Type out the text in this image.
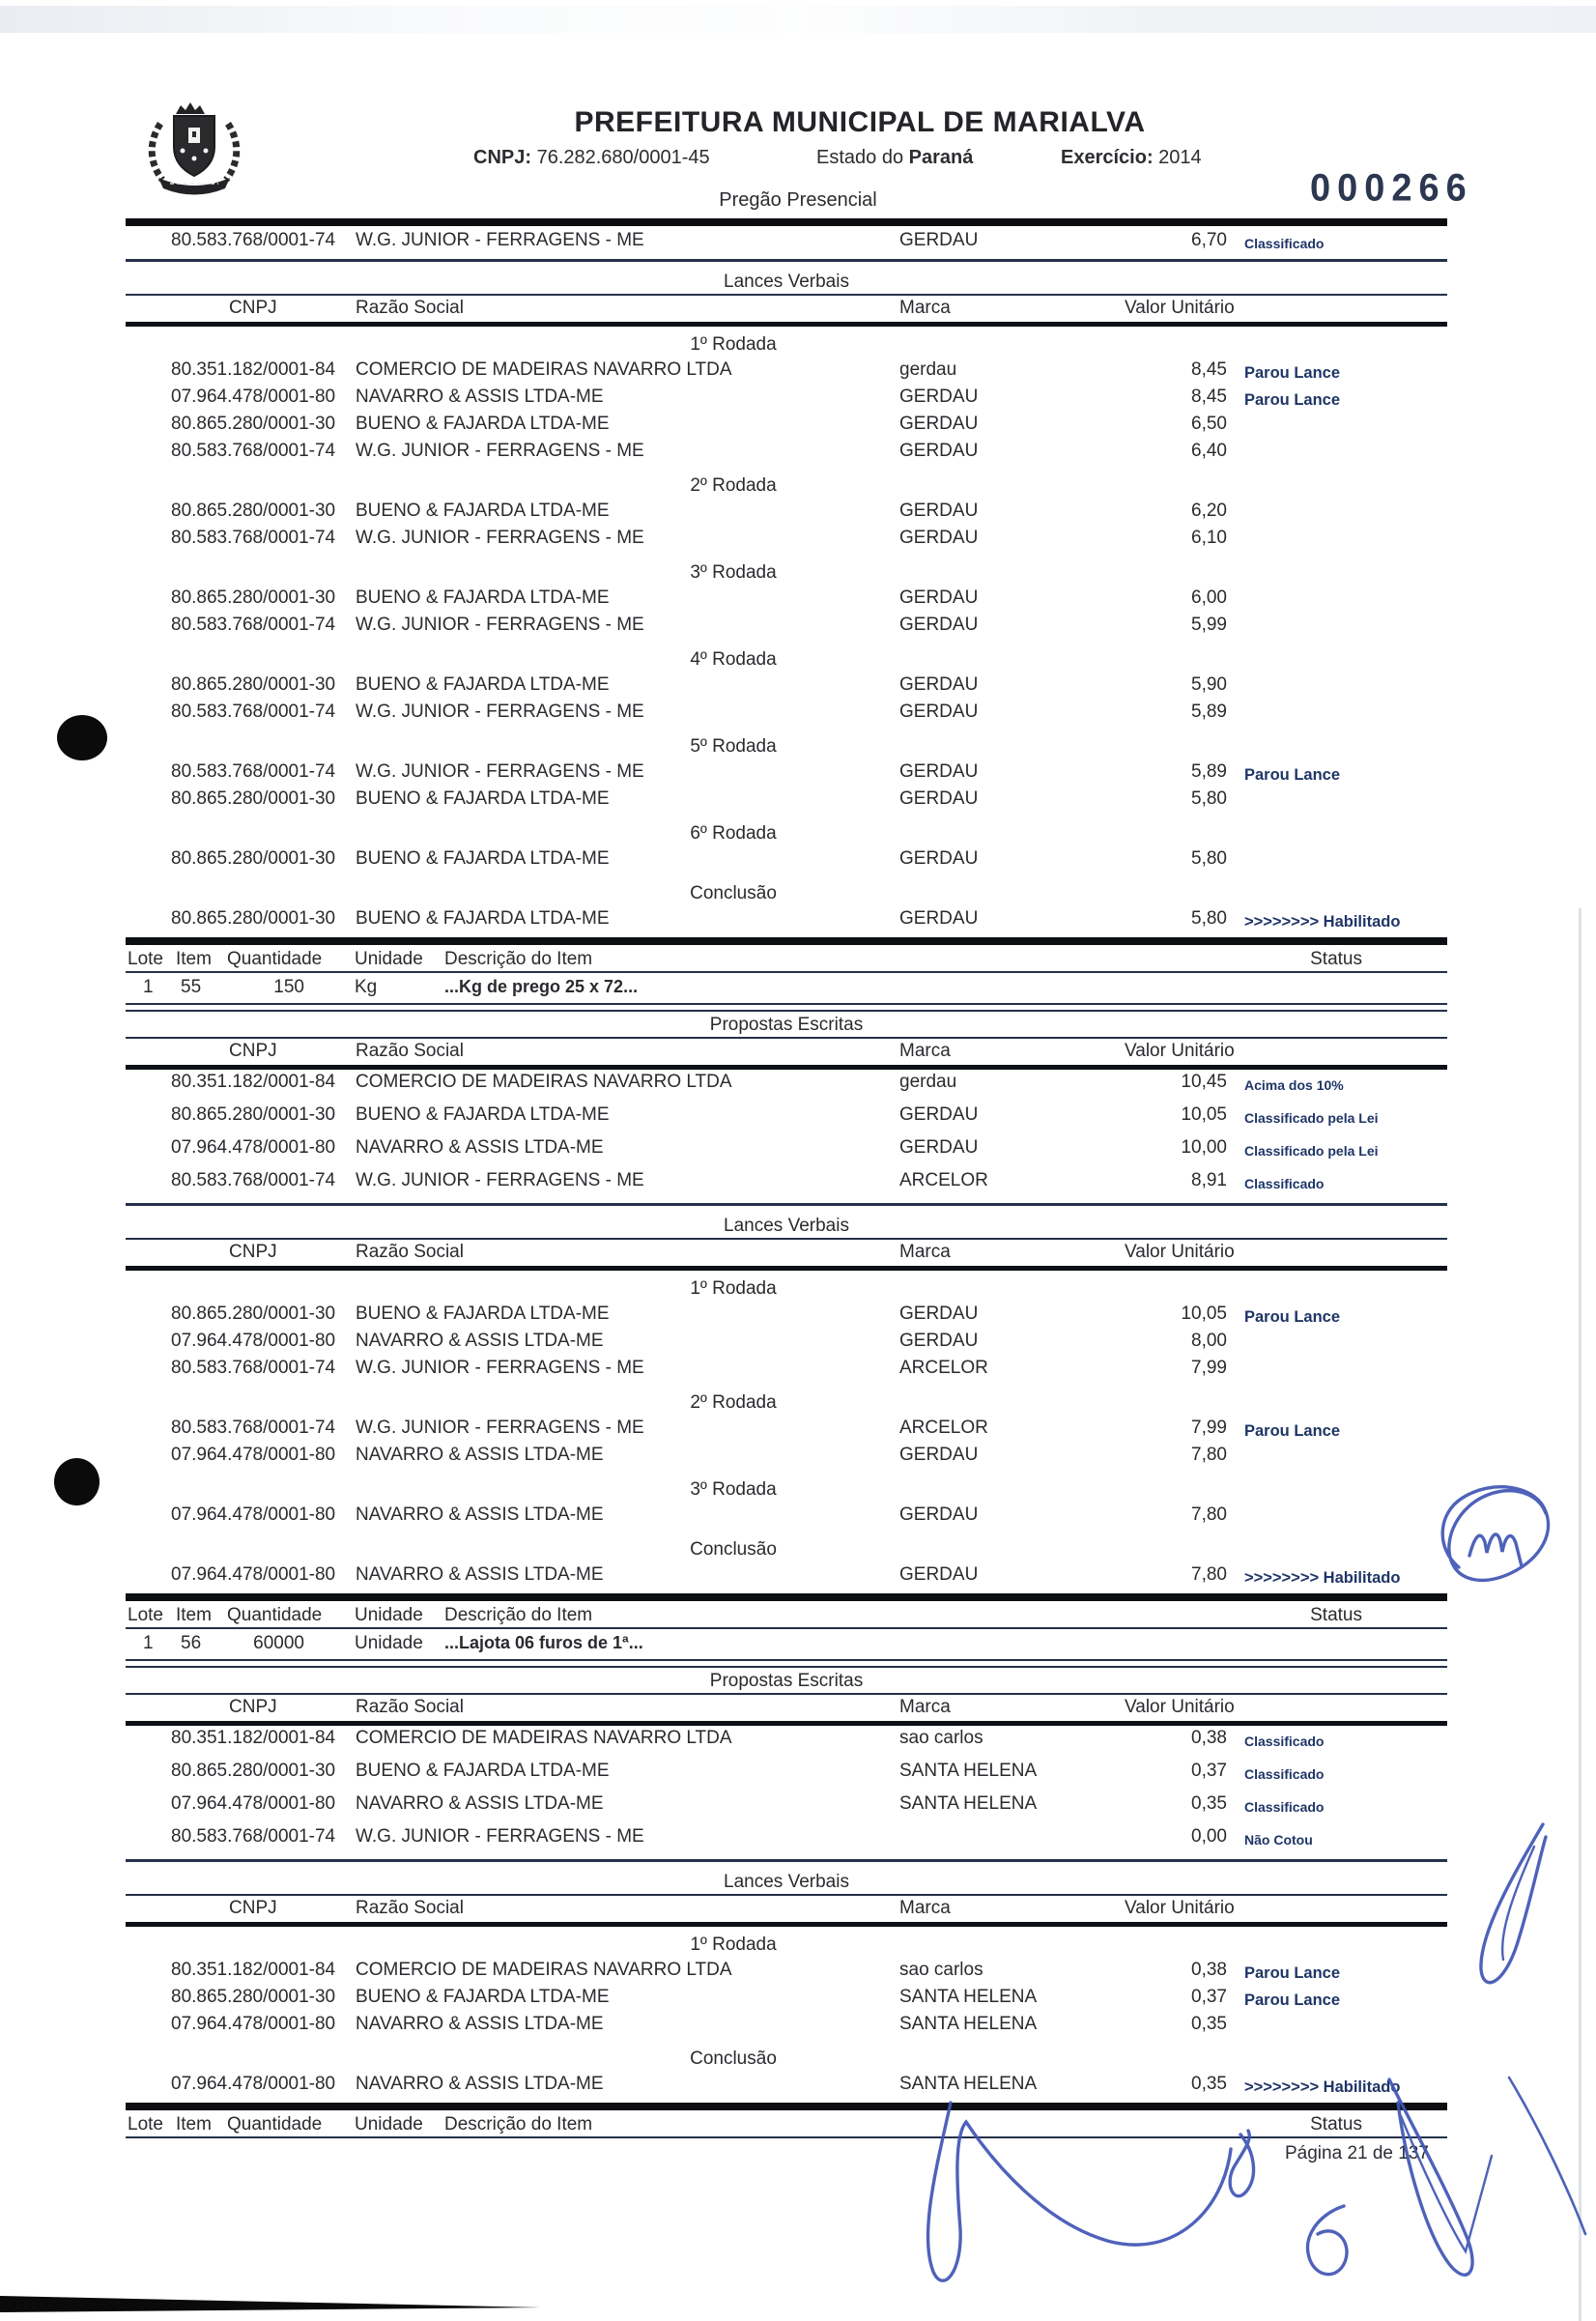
PREFEITURA MUNICIPAL DE MARIALVA
CNPJ: 76.282.680/0001-45	Estado do Paraná	Exercício: 2014
Pregão Presencial	000266
80.583.768/0001-74 W.G. JUNIOR - FERRAGENS - ME	GERDAU	6,70 Classificado
Lances Verbais
CNPJ	Razão Social	Marca	Valor Unitário
1º Rodada
80.351.182/0001-84 COMERCIO DE MADEIRAS NAVARRO LTDA	gerdau	8,45 Parou Lance
07.964.478/0001-80 NAVARRO & ASSIS LTDA-ME	GERDAU	8,45 Parou Lance
80.865.280/0001-30 BUENO & FAJARDA LTDA-ME	GERDAU	6,50
80.583.768/0001-74 W.G. JUNIOR - FERRAGENS - ME	GERDAU	6,40
2º Rodada
80.865.280/0001-30 BUENO & FAJARDA LTDA-ME	GERDAU	6,20
80.583.768/0001-74 W.G. JUNIOR - FERRAGENS - ME	GERDAU	6,10
3º Rodada
80.865.280/0001-30 BUENO & FAJARDA LTDA-ME	GERDAU	6,00
80.583.768/0001-74 W.G. JUNIOR - FERRAGENS - ME	GERDAU	5,99
4º Rodada
80.865.280/0001-30 BUENO & FAJARDA LTDA-ME	GERDAU	5,90
80.583.768/0001-74 W.G. JUNIOR - FERRAGENS - ME	GERDAU	5,89
5º Rodada
80.583.768/0001-74 W.G. JUNIOR - FERRAGENS - ME	GERDAU	5,89 Parou Lance
80.865.280/0001-30 BUENO & FAJARDA LTDA-ME	GERDAU	5,80
6º Rodada
80.865.280/0001-30 BUENO & FAJARDA LTDA-ME	GERDAU	5,80
Conclusão
80.865.280/0001-30 BUENO & FAJARDA LTDA-ME	GERDAU	5,80 >>>>>>>> Habilitado
Lote Item Quantidade Unidade Descrição do Item	Status
1 55	150	Kg	...Kg de prego 25 x 72...
Propostas Escritas
CNPJ	Razão Social	Marca	Valor Unitário
80.351.182/0001-84 COMERCIO DE MADEIRAS NAVARRO LTDA	gerdau	10,45 Acima dos 10%
80.865.280/0001-30 BUENO & FAJARDA LTDA-ME	GERDAU	10,05 Classificado pela Lei
07.964.478/0001-80 NAVARRO & ASSIS LTDA-ME	GERDAU	10,00 Classificado pela Lei
80.583.768/0001-74 W.G. JUNIOR - FERRAGENS - ME	ARCELOR	8,91 Classificado
Lances Verbais
CNPJ	Razão Social	Marca	Valor Unitário
1º Rodada
80.865.280/0001-30 BUENO & FAJARDA LTDA-ME	GERDAU	10,05 Parou Lance
07.964.478/0001-80 NAVARRO & ASSIS LTDA-ME	GERDAU	8,00
80.583.768/0001-74 W.G. JUNIOR - FERRAGENS - ME	ARCELOR	7,99
2º Rodada
80.583.768/0001-74 W.G. JUNIOR - FERRAGENS - ME	ARCELOR	7,99 Parou Lance
07.964.478/0001-80 NAVARRO & ASSIS LTDA-ME	GERDAU	7,80
3º Rodada
07.964.478/0001-80 NAVARRO & ASSIS LTDA-ME	GERDAU	7,80
Conclusão
07.964.478/0001-80 NAVARRO & ASSIS LTDA-ME	GERDAU	7,80 >>>>>>>> Habilitado
Lote Item Quantidade Unidade Descrição do Item	Status
1 56	60000	Unidade ...Lajota 06 furos de 1ª...
Propostas Escritas
CNPJ	Razão Social	Marca	Valor Unitário
80.351.182/0001-84 COMERCIO DE MADEIRAS NAVARRO LTDA	sao carlos	0,38 Classificado
80.865.280/0001-30 BUENO & FAJARDA LTDA-ME	SANTA HELENA	0,37 Classificado
07.964.478/0001-80 NAVARRO & ASSIS LTDA-ME	SANTA HELENA	0,35 Classificado
80.583.768/0001-74 W.G. JUNIOR - FERRAGENS - ME	0,00 Não Cotou
Lances Verbais
CNPJ	Razão Social	Marca	Valor Unitário
1º Rodada
80.351.182/0001-84 COMERCIO DE MADEIRAS NAVARRO LTDA	sao carlos	0,38 Parou Lance
80.865.280/0001-30 BUENO & FAJARDA LTDA-ME	SANTA HELENA	0,37 Parou Lance
07.964.478/0001-80 NAVARRO & ASSIS LTDA-ME	SANTA HELENA	0,35
Conclusão
07.964.478/0001-80 NAVARRO & ASSIS LTDA-ME	SANTA HELENA	0,35 >>>>>>>> Habilitado
Lote Item Quantidade Unidade Descrição do Item	Status
Página 21 de 137
